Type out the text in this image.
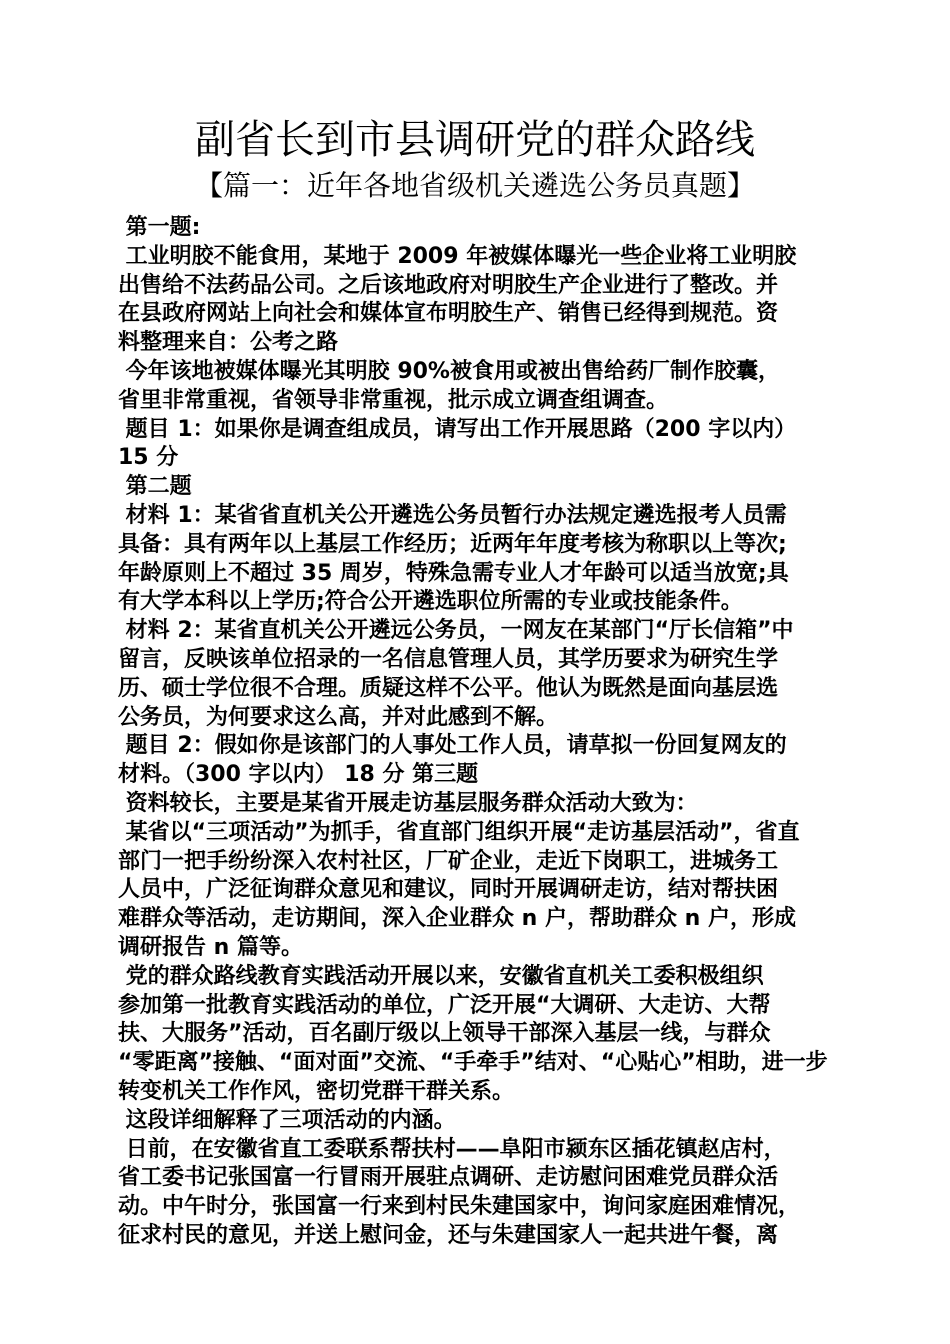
副省长到市县调研党的群众路线
【篇一：近年各地省级机关遴选公务员真题】
第一题:
工业明胶不能食用，某地于 2009 年被媒体曝光一些企业将工业明胶
出售给不法药品公司。之后该地政府对明胶生产企业进行了整改。并
在县政府网站上向社会和媒体宣布明胶生产、销售已经得到规范。资
料整理来自：公考之路
今年该地被媒体曝光其明胶 90%被食用或被出售给药厂制作胶囊，
省里非常重视，省领导非常重视，批示成立调查组调查。
题目 1：如果你是调查组成员，请写出工作开展思路（200 字以内）
15 分
第二题
材料 1：某省省直机关公开遴选公务员暂行办法规定遴选报考人员需
具备：具有两年以上基层工作经历；近两年年度考核为称职以上等次;
年龄原则上不超过 35 周岁，特殊急需专业人才年龄可以适当放宽;具
有大学本科以上学历;符合公开遴选职位所需的专业或技能条件。
材料 2：某省直机关公开遴远公务员，一网友在某部门“厅长信箱”中
留言，反映该单位招录的一名信息管理人员，其学历要求为研究生学
历、硕士学位很不合理。质疑这样不公平。他认为既然是面向基层选
公务员，为何要求这么高，并对此感到不解。
题目 2：假如你是该部门的人事处工作人员，请草拟一份回复网友的
材料。（300 字以内） 18 分 第三题
资料较长，主要是某省开展走访基层服务群众活动大致为：
某省以“三项活动”为抓手，省直部门组织开展“走访基层活动”，省直
部门一把手纷纷深入农村社区，厂矿企业，走近下岗职工，进城务工
人员中，广泛征询群众意见和建议，同时开展调研走访，结对帮扶困
难群众等活动，走访期间，深入企业群众 n 户，帮助群众 n 户，形成
调研报告 n 篇等。
党的群众路线教育实践活动开展以来，安徽省直机关工委积极组织
参加第一批教育实践活动的单位，广泛开展“大调研、大走访、大帮
扶、大服务”活动，百名副厅级以上领导干部深入基层一线，与群众
“零距离”接触、“面对面”交流、“手牵手”结对、“心贴心”相助，进一步
转变机关工作作风，密切党群干群关系。
这段详细解释了三项活动的内涵。
日前，在安徽省直工委联系帮扶村——阜阳市颍东区插花镇赵店村，
省工委书记张国富一行冒雨开展驻点调研、走访慰问困难党员群众活
动。中午时分，张国富一行来到村民朱建国家中，询问家庭困难情况，
征求村民的意见，并送上慰问金，还与朱建国家人一起共进午餐，离
